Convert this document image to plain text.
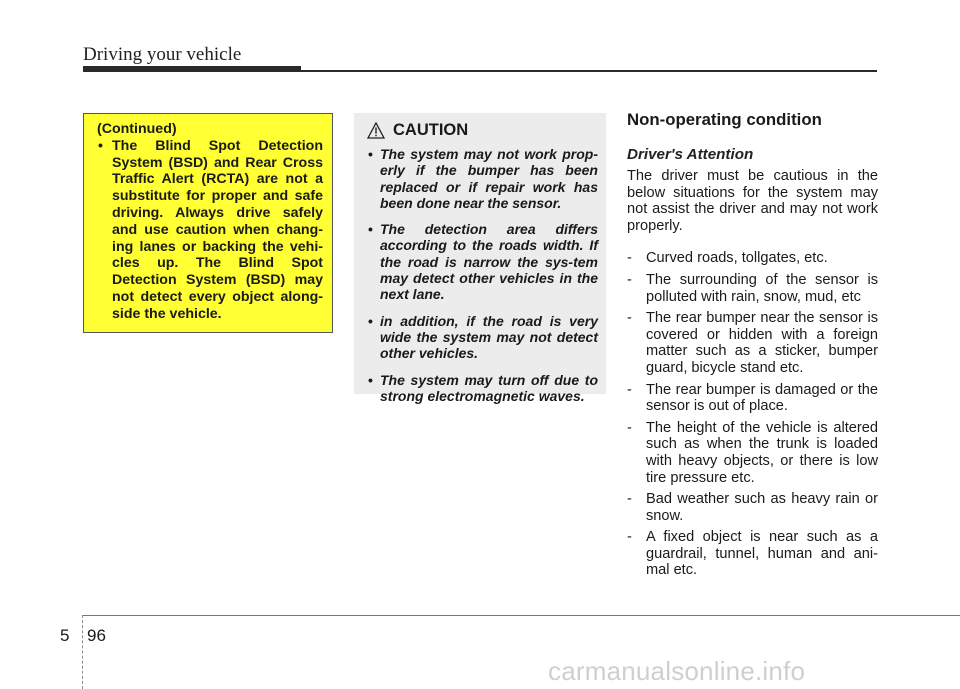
Driving your vehicle
(Continued)
• The Blind Spot Detection System (BSD) and Rear Cross Traffic Alert (RCTA) are not a substitute for proper and safe driving. Always drive safely and use caution when chang-ing lanes or backing the vehi-cles up. The Blind Spot Detection System (BSD) may not detect every object along-side the vehicle.
CAUTION
• The system may not work prop-erly if the bumper has been replaced or if repair work has been done near the sensor.
• The detection area differs according to the roads width. If the road is narrow the sys-tem may detect other vehicles in the next lane.
• in addition, if the road is very wide the system may not detect other vehicles.
• The system may turn off due to strong electromagnetic waves.
Non-operating condition
Driver's Attention
The driver must be cautious in the below situations for the system may not assist the driver and may not work properly.
- Curved roads, tollgates, etc.
- The surrounding of the sensor is polluted with rain, snow, mud, etc
- The rear bumper near the sensor is covered or hidden with a foreign matter such as a sticker, bumper guard, bicycle stand etc.
- The rear bumper is damaged or the sensor is out of place.
- The height of the vehicle is altered such as when the trunk is loaded with heavy objects, or there is low tire pressure etc.
- Bad weather such as heavy rain or snow.
- A fixed object is near such as a guardrail, tunnel, human and ani-mal etc.
5 96
carmanualsonline.info
